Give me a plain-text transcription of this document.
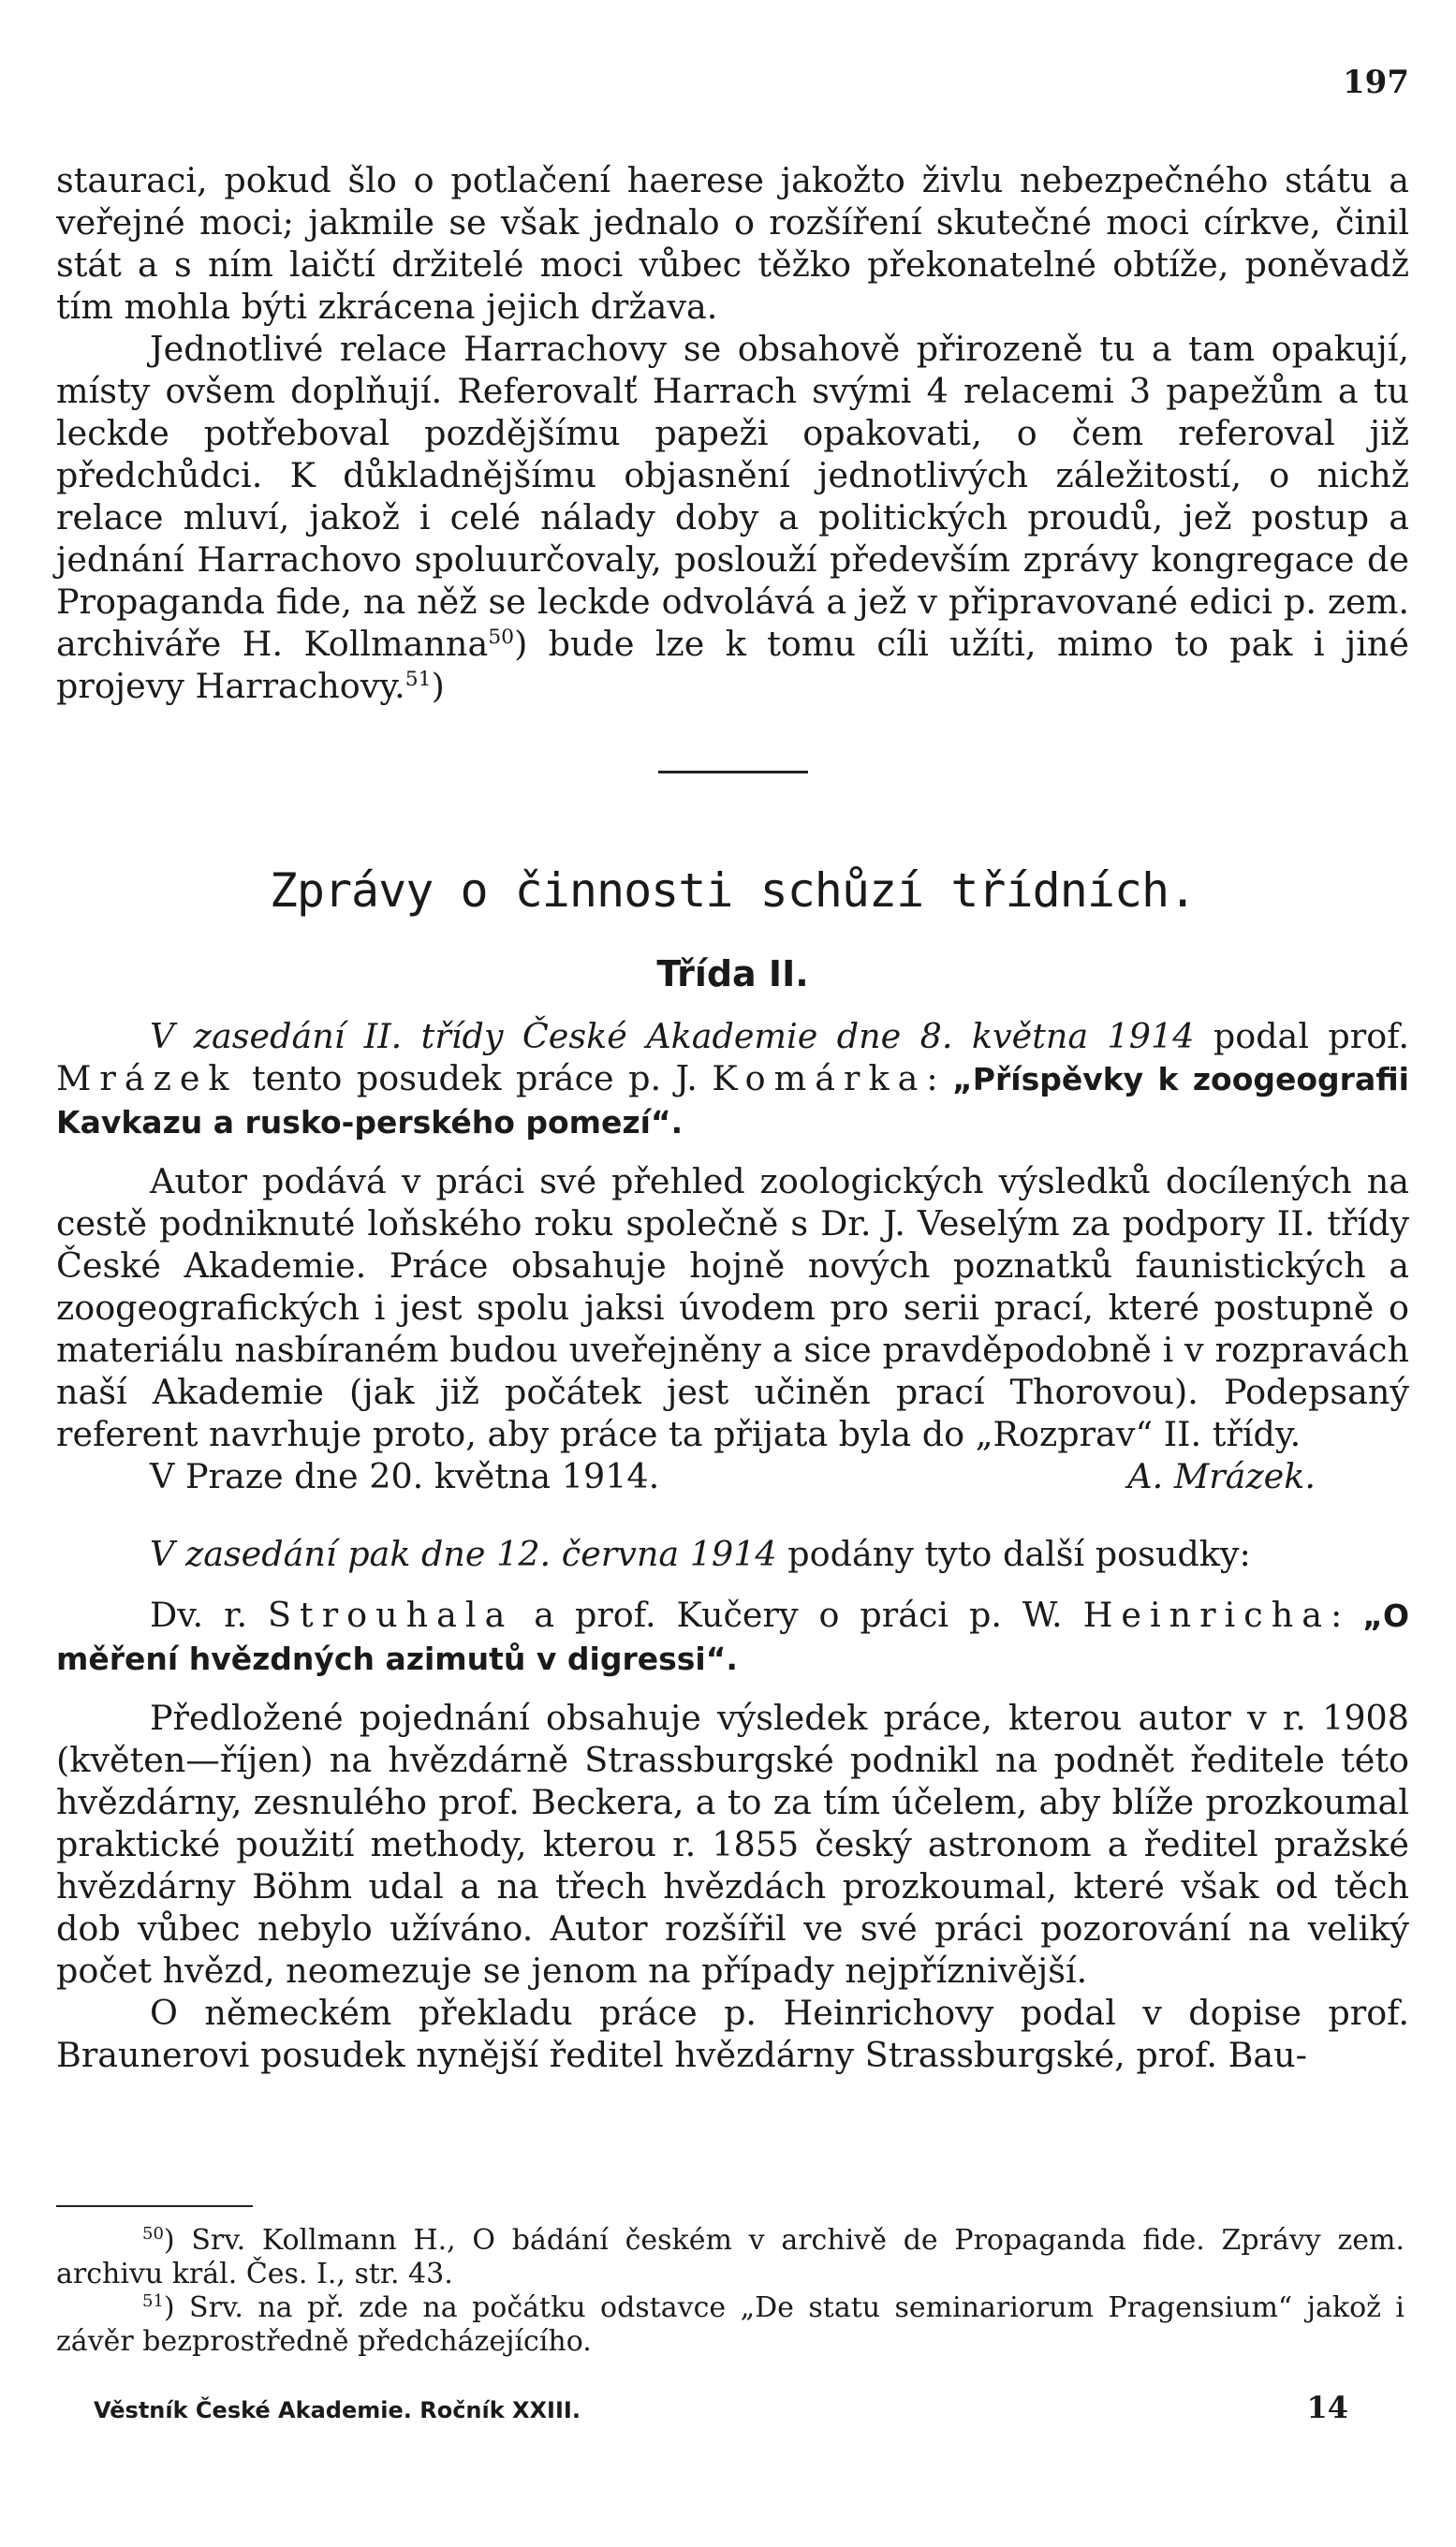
197

stauraci, pokud šlo o potlačení haerese jakožto živlu nebezpečného státu a veřejné moci; jakmile se však jednalo o rozšíření skutečné moci církve, činil stát a s ním laičtí držitelé moci vůbec těžko překonatelné obtíže, poněvadž tím mohla býti zkrácena jejich država.

Jednotlivé relace Harrachovy se obsahově přirozeně tu a tam opakují, místy ovšem doplňují. Referovalť Harrach svými 4 relacemi 3 papežům a tu leckde potřeboval pozdějšímu papeži opakovati, o čem referoval již předchůdci. K důkladnějšímu objasnění jednotlivých záležitostí, o nichž relace mluví, jakož i celé nálady doby a politických proudů, jež postup a jednání Harrachovo spoluurčovaly, poslouží především zprávy kongregace de Propaganda fide, na něž se leckde odvolává a jež v připravované edici p. zem. archiváře H. Kollmanna$^{50}$) bude lze k tomu cíli užíti, mimo to pak i jiné projevy Harrachovy.$^{51}$)

Zprávy o činnosti schůzí třídních.
Třída II.

V zasedání II. třídy České Akademie dne 8. května 1914 podal prof. Mrázek tento posudek práce p. J. Komárka: „Příspěvky k zoogeografii Kavkazu a rusko-perského pomezí“.

Autor podává v práci své přehled zoologických výsledků docílených na cestě podniknuté loňského roku společně s Dr. J. Veselým za podpory II. třídy České Akademie. Práce obsahuje hojně nových poznatků faunistických a zoogeografických i jest spolu jaksi úvodem pro serii prací, které postupně o materiálu nasbíraném budou uveřejněny a sice pravděpodobně i v rozpravách naší Akademie (jak již počátek jest učiněn prací Thorovou). Podepsaný referent navrhuje proto, aby práce ta přijata byla do „Rozprav“ II. třídy.

V Praze dne 20. května 1914.	A. Mrázek.

V zasedání pak dne 12. června 1914 podány tyto další posudky:

Dv. r. Strouhala a prof. Kučery o práci p. W. Heinricha: „O měření hvězdných azimutů v digressi“.

Předložené pojednání obsahuje výsledek práce, kterou autor v r. 1908 (květen—říjen) na hvězdárně Strassburgské podnikl na podnět ředitele této hvězdárny, zesnulého prof. Beckera, a to za tím účelem, aby blíže prozkoumal praktické použití methody, kterou r. 1855 český astronom a ředitel pražské hvězdárny Böhm udal a na třech hvězdách prozkoumal, které však od těch dob vůbec nebylo užíváno. Autor rozšířil ve své práci pozorování na veliký počet hvězd, neomezuje se jenom na případy nejpříznivější.

O německém překladu práce p. Heinrichovy podal v dopise prof. Braunerovi posudek nynější ředitel hvězdárny Strassburgské, prof. Bau-

$^{50}$) Srv. Kollmann H., O bádání českém v archivě de Propaganda fide. Zprávy zem. archivu král. Čes. I., str. 43.

$^{51}$) Srv. na př. zde na počátku odstavce „De statu seminariorum Pragensium“ jakož i závěr bezprostředně předcházejícího.

Věstník České Akademie. Ročník XXIII.	14
